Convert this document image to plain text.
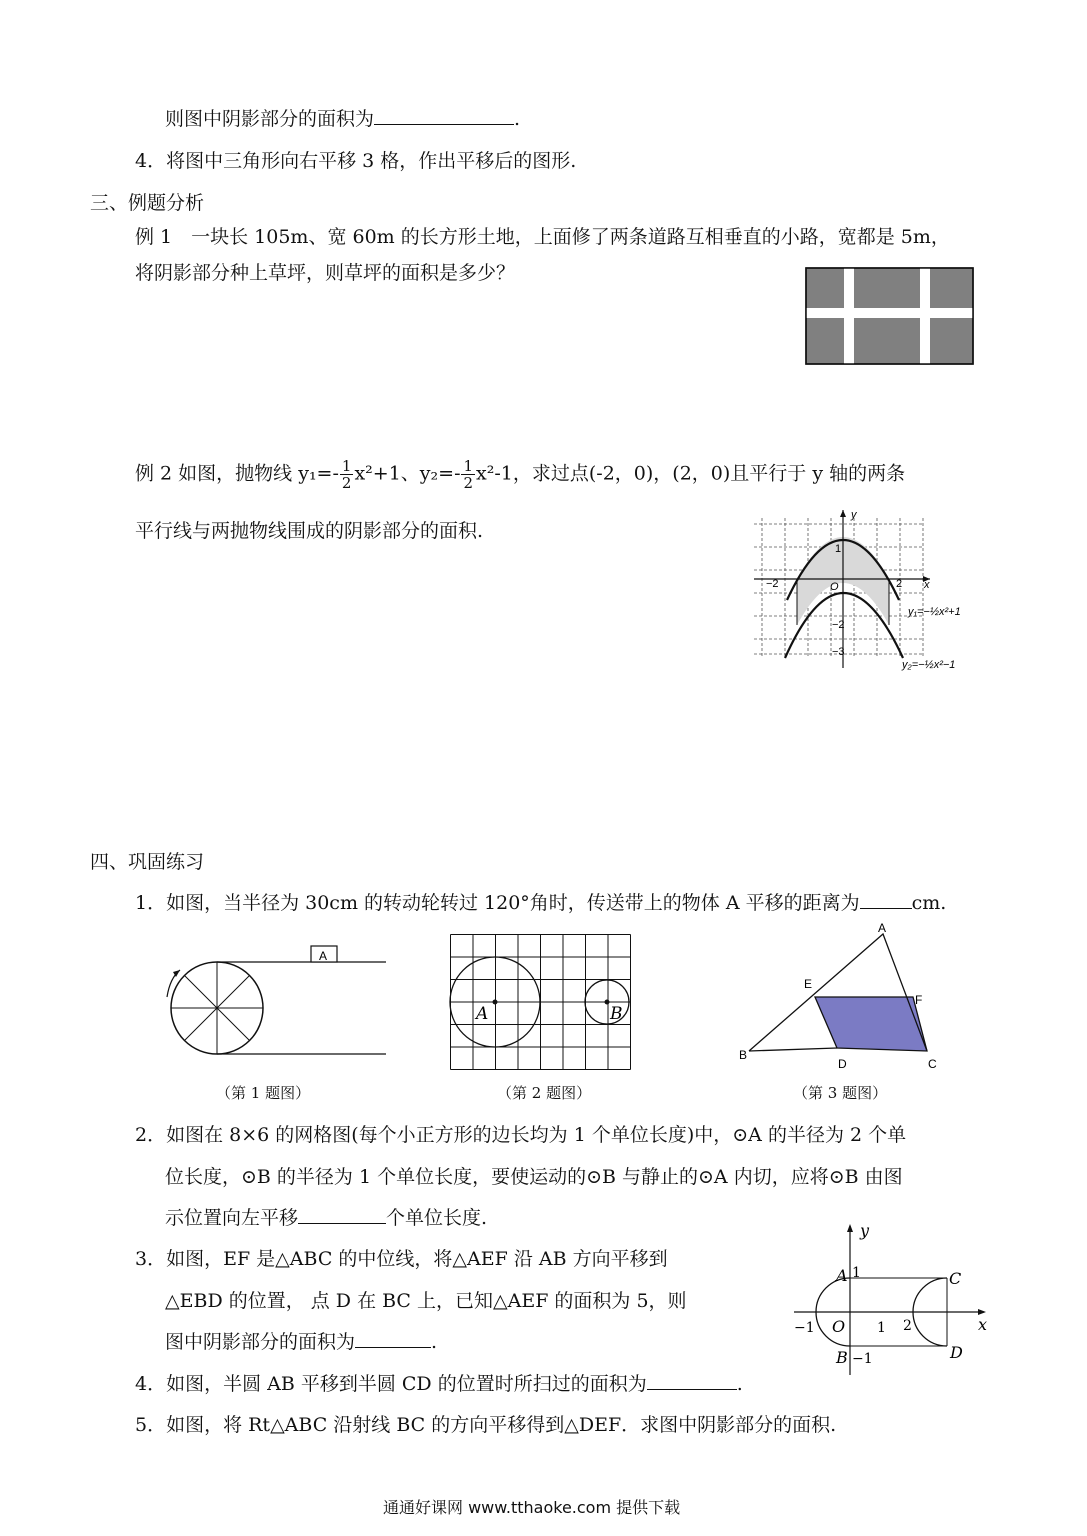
则图中阴影部分的面积为	.
4．将图中三角形向右平移 3 格，作出平移后的图形.
三、例题分析
例 1　一块长 105m、宽 60m 的长方形土地，上面修了两条道路互相垂直的小路，宽都是 5m，
将阴影部分种上草坪，则草坪的面积是多少？
例 2 如图，抛物线 $y_1=- \frac{1}{2} x^2+1$、$y_2=- \frac{1}{2} x^2-1$，求过点(-2，0)，(2，0)且平行于 y 轴的两条
平行线与两抛物线围成的阴影部分的面积.
y
x
O
−2	2
1
−2
−3
y₁=−½x²+1
y₂=−½x²−1
四、巩固练习
1．如图，当半径为 30cm 的转动轮转过 120°角时，传送带上的物体 A 平移的距离为	cm.
A
A	B
A
B
C
D
E
F
（第 1 题图）	（第 2 题图）	（第 3 题图）
2．如图在 8×6 的网格图(每个小正方形的边长均为 1 个单位长度)中，⊙A 的半径为 2 个单
位长度，⊙B 的半径为 1 个单位长度，要使运动的⊙B 与静止的⊙A 内切，应将⊙B 由图
示位置向左平移	个单位长度.
3．如图，EF 是△ABC 的中位线，将△AEF 沿 AB 方向平移到
△EBD 的位置， 点 D 在 BC 上，已知△AEF 的面积为 5，则
图中阴影部分的面积为	.
4．如图，半圆 AB 平移到半圆 CD 的位置时所扫过的面积为	.
5．如图，将 Rt△ABC 沿射线 BC 的方向平移得到△DEF．求图中阴影部分的面积.
y
x
A 1
B −1
C
D
O
−1	1 2
通通好课网 www.tthaoke.com 提供下载
